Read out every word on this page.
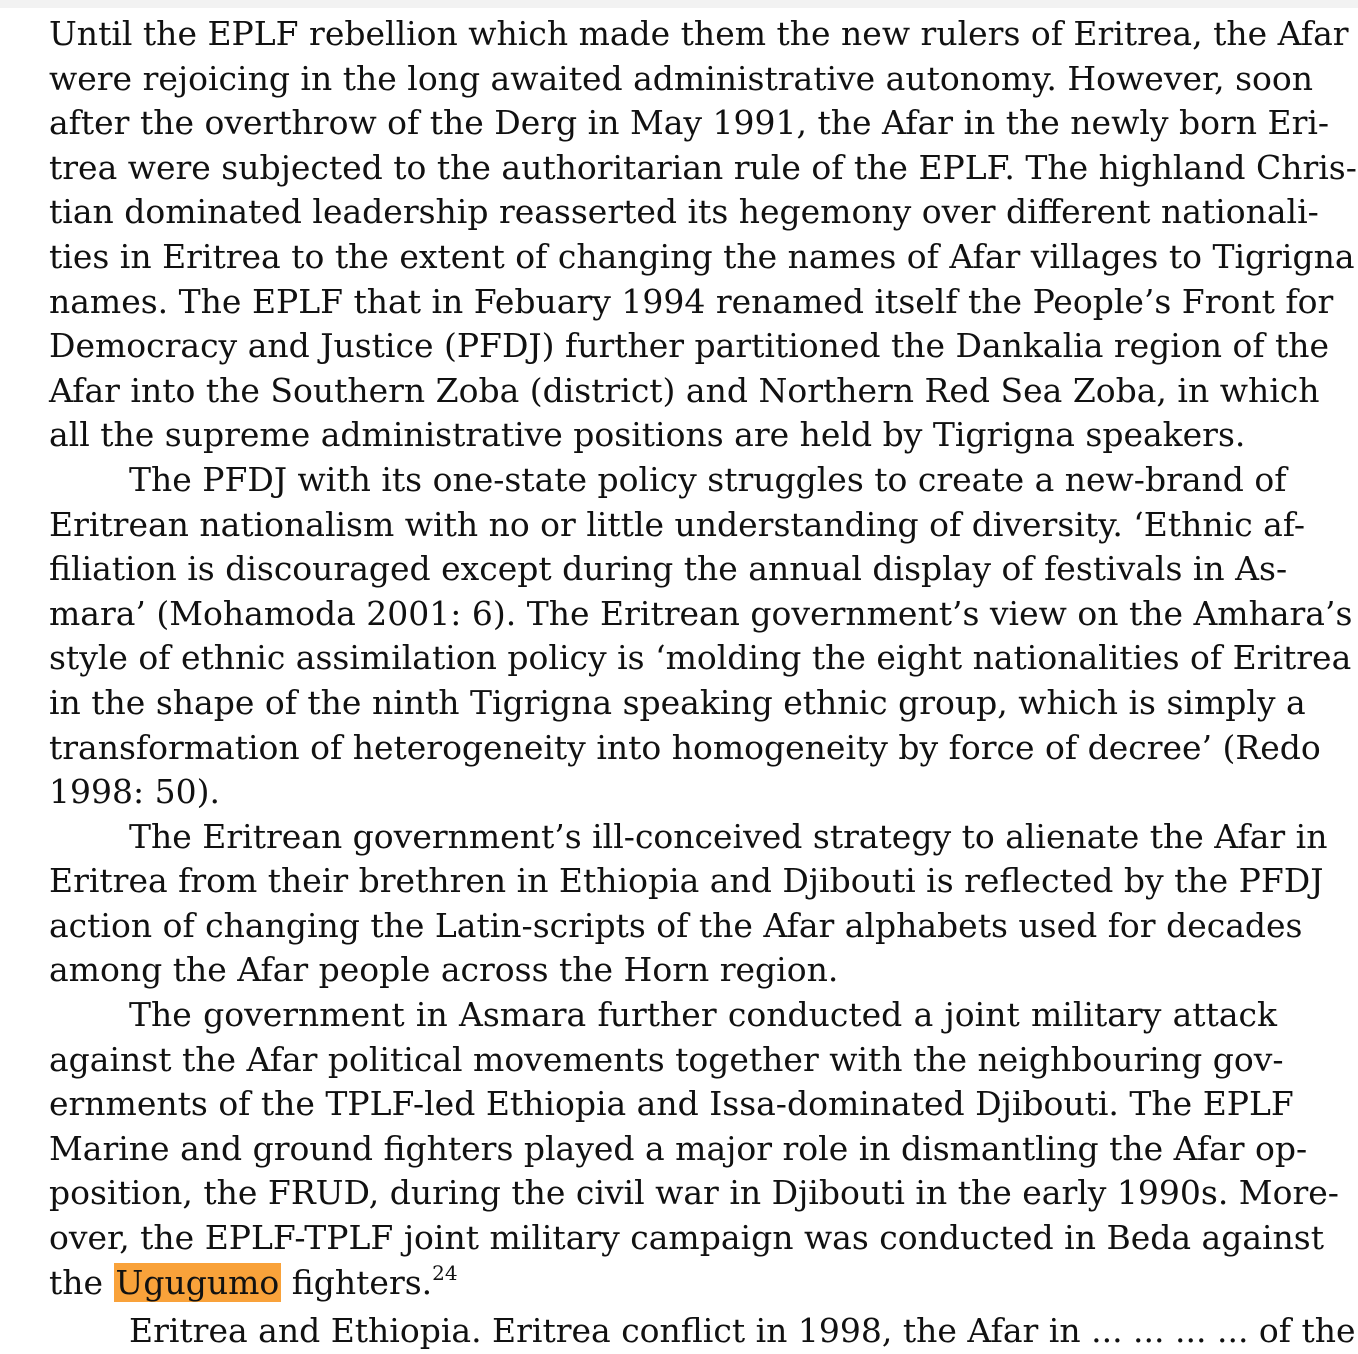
Until the EPLF rebellion which made them the new rulers of Eritrea, the Afar
were rejoicing in the long awaited administrative autonomy. However, soon
after the overthrow of the Derg in May 1991, the Afar in the newly born Eri-
trea were subjected to the authoritarian rule of the EPLF. The highland Chris-
tian dominated leadership reasserted its hegemony over different nationali-
ties in Eritrea to the extent of changing the names of Afar villages to Tigrigna
names. The EPLF that in Febuary 1994 renamed itself the People’s Front for
Democracy and Justice (PFDJ) further partitioned the Dankalia region of the
Afar into the Southern Zoba (district) and Northern Red Sea Zoba, in which
all the supreme administrative positions are held by Tigrigna speakers.
The PFDJ with its one-state policy struggles to create a new-brand of
Eritrean nationalism with no or little understanding of diversity. ‘Ethnic af-
filiation is discouraged except during the annual display of festivals in As-
mara’ (Mohamoda 2001: 6). The Eritrean government’s view on the Amhara’s
style of ethnic assimilation policy is ‘molding the eight nationalities of Eritrea
in the shape of the ninth Tigrigna speaking ethnic group, which is simply a
transformation of heterogeneity into homogeneity by force of decree’ (Redo
1998: 50).
The Eritrean government’s ill-conceived strategy to alienate the Afar in
Eritrea from their brethren in Ethiopia and Djibouti is reflected by the PFDJ
action of changing the Latin-scripts of the Afar alphabets used for decades
among the Afar people across the Horn region.
The government in Asmara further conducted a joint military attack
against the Afar political movements together with the neighbouring gov-
ernments of the TPLF-led Ethiopia and Issa-dominated Djibouti. The EPLF
Marine and ground fighters played a major role in dismantling the Afar op-
position, the FRUD, during the civil war in Djibouti in the early 1990s. More-
over, the EPLF-TPLF joint military campaign was conducted in Beda against
the Ugugumo fighters.$^{24}$
Eritrea and Ethiopia. Eritrea conflict in 1998, the Afar in ... ... ... ... of the
